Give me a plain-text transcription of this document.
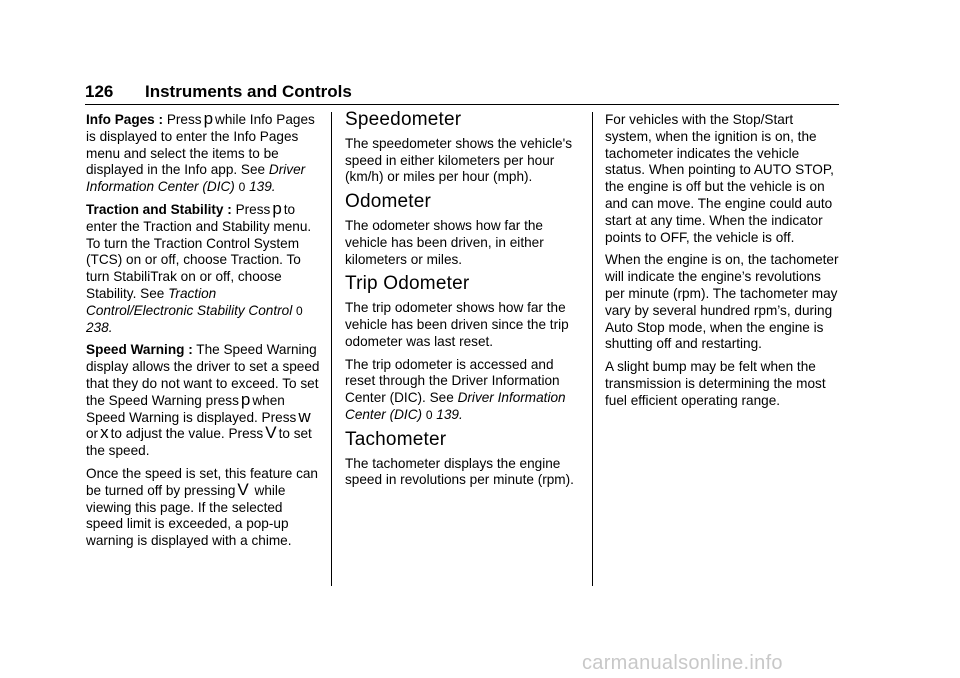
126 Instruments and Controls

Info Pages : Press p while Info Pages is displayed to enter the Info Pages menu and select the items to be displayed in the Info app. See Driver Information Center (DIC) 0 139.

Traction and Stability : Press p to enter the Traction and Stability menu. To turn the Traction Control System (TCS) on or off, choose Traction. To turn StabiliTrak on or off, choose Stability. See Traction Control/Electronic Stability Control 0 238.

Speed Warning : The Speed Warning display allows the driver to set a speed that they do not want to exceed. To set the Speed Warning press p when Speed Warning is displayed. Press wor x to adjust the value. Press V to set the speed.

Once the speed is set, this feature can be turned off by pressing V while viewing this page. If the selected speed limit is exceeded, a pop-up warning is displayed with a chime.

Speedometer

The speedometer shows the vehicle's speed in either kilometers per hour (km/h) or miles per hour (mph).

Odometer

The odometer shows how far the vehicle has been driven, in either kilometers or miles.

Trip Odometer

The trip odometer shows how far the vehicle has been driven since the trip odometer was last reset.

The trip odometer is accessed and reset through the Driver Information Center (DIC). See Driver Information Center (DIC) 0 139.

Tachometer

The tachometer displays the engine speed in revolutions per minute (rpm).

For vehicles with the Stop/Start system, when the ignition is on, the tachometer indicates the vehicle status. When pointing to AUTO STOP, the engine is off but the vehicle is on and can move. The engine could auto start at any time. When the indicator points to OFF, the vehicle is off.

When the engine is on, the tachometer will indicate the engine’s revolutions per minute (rpm). The tachometer may vary by several hundred rpm’s, during Auto Stop mode, when the engine is shutting off and restarting.

A slight bump may be felt when the transmission is determining the most fuel efficient operating range.

carmanualsonline.info
